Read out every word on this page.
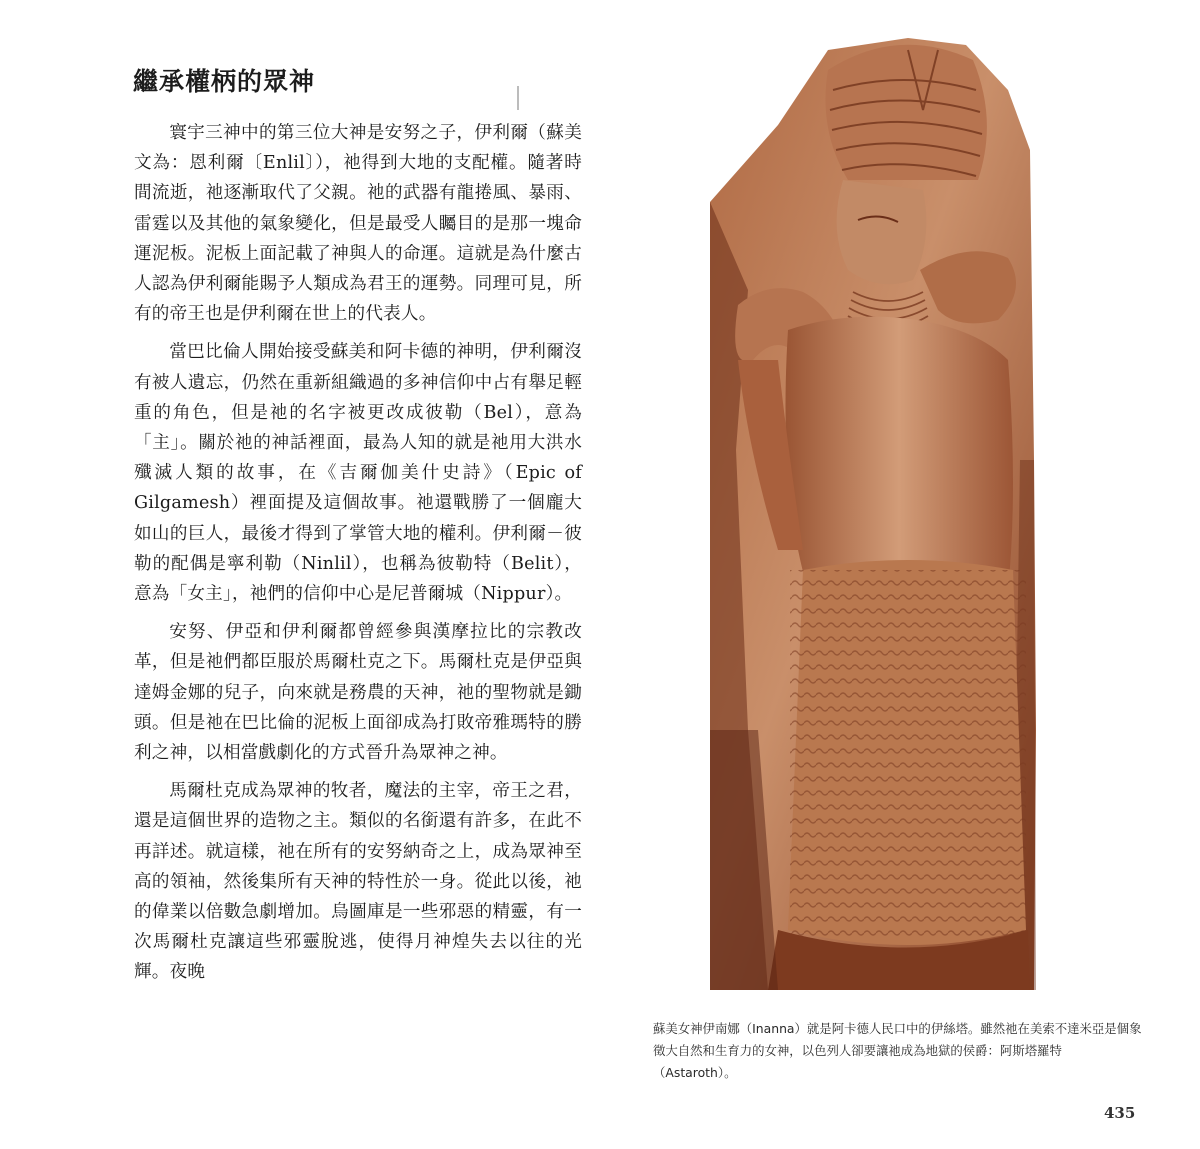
繼承權柄的眾神

寰宇三神中的第三位大神是安努之子，伊利爾（蘇美文為：恩利爾〔Enlil〕），祂得到大地的支配權。隨著時間流逝，祂逐漸取代了父親。祂的武器有龍捲風、暴雨、雷霆以及其他的氣象變化，但是最受人矚目的是那一塊命運泥板。泥板上面記載了神與人的命運。這就是為什麼古人認為伊利爾能賜予人類成為君王的運勢。同理可見，所有的帝王也是伊利爾在世上的代表人。

當巴比倫人開始接受蘇美和阿卡德的神明，伊利爾沒有被人遺忘，仍然在重新組織過的多神信仰中占有舉足輕重的角色，但是祂的名字被更改成彼勒（Bel），意為「主」。關於祂的神話裡面，最為人知的就是祂用大洪水殲滅人類的故事，在《吉爾伽美什史詩》（Epic of Gilgamesh）裡面提及這個故事。祂還戰勝了一個龐大如山的巨人，最後才得到了掌管大地的權利。伊利爾－彼勒的配偶是寧利勒（Ninlil），也稱為彼勒特（Belit），意為「女主」，祂們的信仰中心是尼普爾城（Nippur）。

安努、伊亞和伊利爾都曾經參與漢摩拉比的宗教改革，但是祂們都臣服於馬爾杜克之下。馬爾杜克是伊亞與達姆金娜的兒子，向來就是務農的天神，祂的聖物就是鋤頭。但是祂在巴比倫的泥板上面卻成為打敗帝雅瑪特的勝利之神，以相當戲劇化的方式晉升為眾神之神。

馬爾杜克成為眾神的牧者，魔法的主宰，帝王之君，還是這個世界的造物之主。類似的名銜還有許多，在此不再詳述。就這樣，祂在所有的安努納奇之上，成為眾神至高的領袖，然後集所有天神的特性於一身。從此以後，祂的偉業以倍數急劇增加。烏圖庫是一些邪惡的精靈，有一次馬爾杜克讓這些邪靈脫逃，使得月神煌失去以往的光輝。夜晚

蘇美女神伊南娜（Inanna）就是阿卡德人民口中的伊絲塔。雖然祂在美索不達米亞是個象徵大自然和生育力的女神，以色列人卻要讓祂成為地獄的侯爵：阿斯塔羅特（Astaroth）。
435
